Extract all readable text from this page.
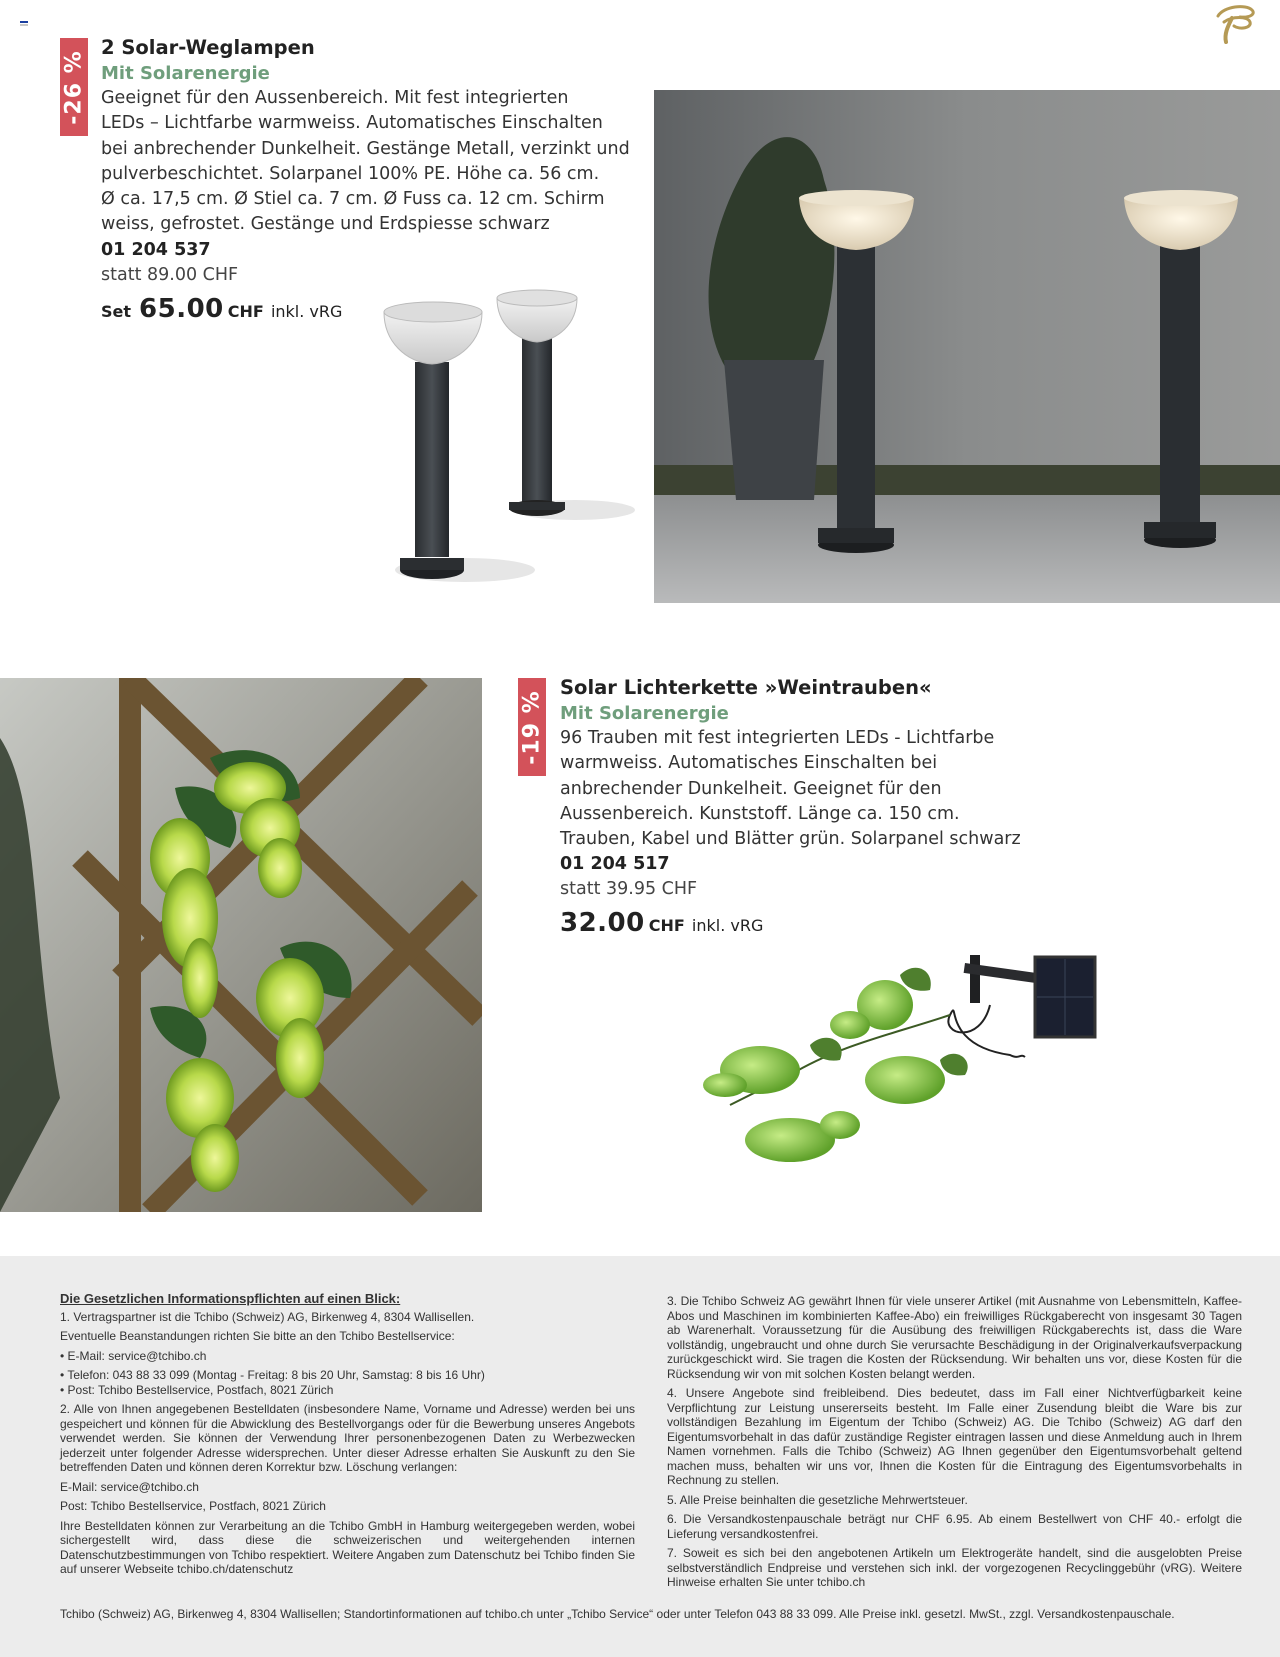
-26 %
2 Solar-Weglampen
Mit Solarenergie
Geeignet für den Aussenbereich. Mit fest integrierten
LEDs – Lichtfarbe warmweiss. Automatisches Einschalten
bei anbrechender Dunkelheit. Gestänge Metall, verzinkt und
pulverbeschichtet. Solarpanel 100% PE. Höhe ca. 56 cm.
Ø ca. 17,5 cm. Ø Stiel ca. 7 cm. Ø Fuss ca. 12 cm. Schirm
weiss, gefrostet. Gestänge und Erdspiesse schwarz
01 204 537
statt 89.00 CHF
Set 65.00 CHF inkl. vRG
-19 %
Solar Lichterkette »Weintrauben«
Mit Solarenergie
96 Trauben mit fest integrierten LEDs - Lichtfarbe
warmweiss. Automatisches Einschalten bei
anbrechender Dunkelheit. Geeignet für den
Aussenbereich. Kunststoff. Länge ca. 150 cm.
Trauben, Kabel und Blätter grün. Solarpanel schwarz
01 204 517
statt 39.95 CHF
32.00 CHF inkl. vRG

Die Gesetzlichen Informationspflichten auf einen Blick:

1. Vertragspartner ist die Tchibo (Schweiz) AG, Birkenweg 4, 8304 Wallisellen.

Eventuelle Beanstandungen richten Sie bitte an den Tchibo Bestellservice:

• E-Mail: service@tchibo.ch

• Telefon: 043 88 33 099 (Montag - Freitag: 8 bis 20 Uhr, Samstag: 8 bis 16 Uhr)
• Post: Tchibo Bestellservice, Postfach, 8021 Zürich

2. Alle von Ihnen angegebenen Bestelldaten (insbesondere Name, Vorname und Adresse) werden bei uns gespeichert und können für die Abwicklung des Bestellvorgangs oder für die Bewerbung unseres Angebots verwendet werden. Sie können der Verwendung Ihrer personenbezogenen Daten zu Werbezwecken jederzeit unter folgender Adresse widersprechen. Unter dieser Adresse erhalten Sie Auskunft zu den Sie betreffenden Daten und können deren Korrektur bzw. Löschung verlangen:

E-Mail: service@tchibo.ch

Post: Tchibo Bestellservice, Postfach, 8021 Zürich

Ihre Bestelldaten können zur Verarbeitung an die Tchibo GmbH in Hamburg weitergegeben werden, wobei sichergestellt wird, dass diese die schweizerischen und weitergehenden internen Datenschutzbestimmungen von Tchibo respektiert. Weitere Angaben zum Datenschutz bei Tchibo finden Sie auf unserer Webseite tchibo.ch/datenschutz

3. Die Tchibo Schweiz AG gewährt Ihnen für viele unserer Artikel (mit Ausnahme von Lebensmitteln, Kaffee-Abos und Maschinen im kombinierten Kaffee-Abo) ein freiwilliges Rückgaberecht von insgesamt 30 Tagen ab Warenerhalt. Voraussetzung für die Ausübung des freiwilligen Rückgaberechts ist, dass die Ware vollständig, ungebraucht und ohne durch Sie verursachte Beschädigung in der Originalverkaufsverpackung zurückgeschickt wird. Sie tragen die Kosten der Rücksendung. Wir behalten uns vor, diese Kosten für die Rücksendung wir von mit solchen Kosten belangt werden.

4. Unsere Angebote sind freibleibend. Dies bedeutet, dass im Fall einer Nichtverfügbarkeit keine Verpflichtung zur Leistung unsererseits besteht. Im Falle einer Zusendung bleibt die Ware bis zur vollständigen Bezahlung im Eigentum der Tchibo (Schweiz) AG. Die Tchibo (Schweiz) AG darf den Eigentumsvorbehalt in das dafür zuständige Register eintragen lassen und diese Anmeldung auch in Ihrem Namen vornehmen. Falls die Tchibo (Schweiz) AG Ihnen gegenüber den Eigentumsvorbehalt geltend machen muss, behalten wir uns vor, Ihnen die Kosten für die Eintragung des Eigentumsvorbehalts in Rechnung zu stellen.

5. Alle Preise beinhalten die gesetzliche Mehrwertsteuer.

6. Die Versandkostenpauschale beträgt nur CHF 6.95. Ab einem Bestellwert von CHF 40.- erfolgt die Lieferung versandkostenfrei.

7. Soweit es sich bei den angebotenen Artikeln um Elektrogeräte handelt, sind die ausgelobten Preise selbstverständlich Endpreise und verstehen sich inkl. der vorgezogenen Recyclinggebühr (vRG). Weitere Hinweise erhalten Sie unter tchibo.ch

Tchibo (Schweiz) AG, Birkenweg 4, 8304 Wallisellen; Standortinformationen auf tchibo.ch unter „Tchibo Service“ oder unter Telefon 043 88 33 099. Alle Preise inkl. gesetzl. MwSt., zzgl. Versandkostenpauschale.
